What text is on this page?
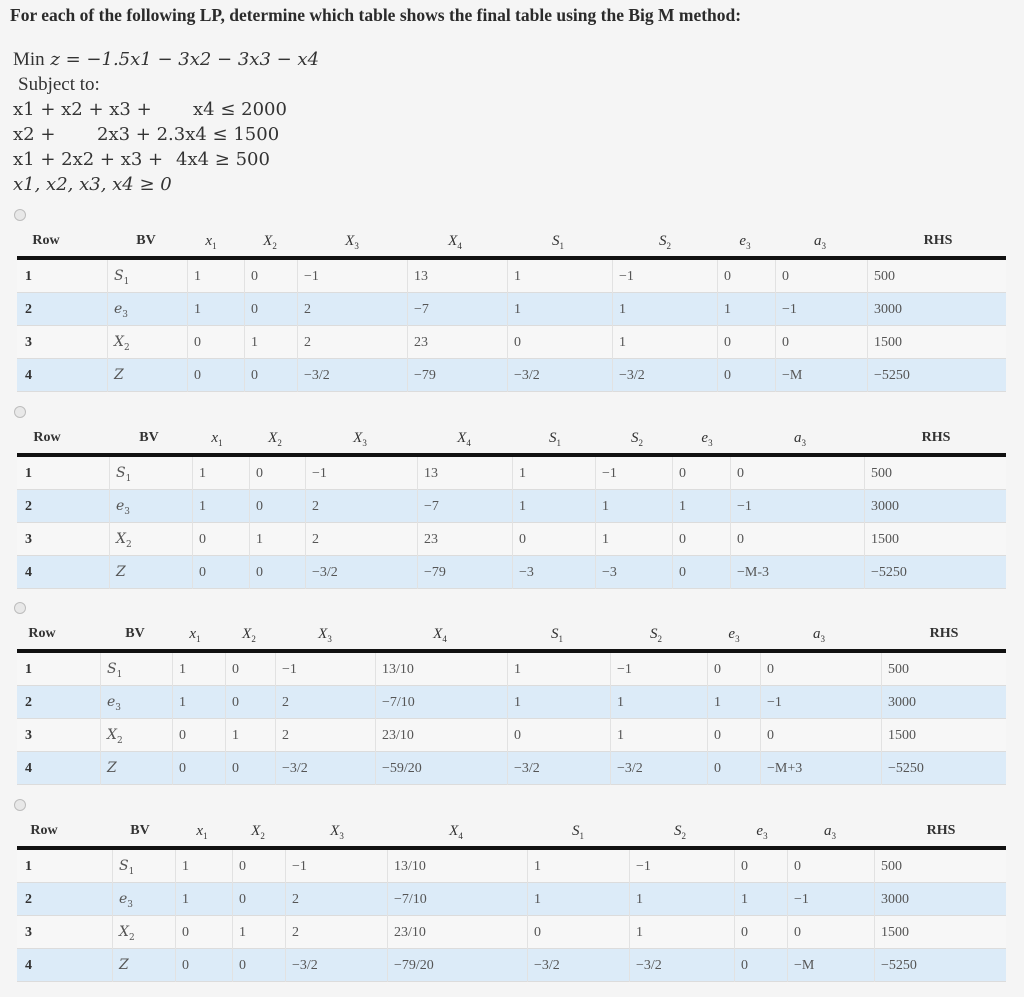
For each of the following LP, determine which table shows the final table using the Big M method:
Min z = −1.5x1 − 3x2 − 3x3 − x4
Subject to:
x1 + x2 + x3 + x4 ≤ 2000
x2 + 2x3 + 2.3x4 ≤ 1500
x1 + 2x2 + x3 + 4x4 ≥ 500
x1, x2, x3, x4 ≥ 0
Row	BV	$x_1$	$X_2$	$X_3$	$X_4$	$S_1$	$S_2$	$e_3$	$a_3$	RHS
1	$S_1$	1	0	−1	13	1	−1	0	0	500
2	$e_3$	1	0	2	−7	1	1	1	−1	3000
3	$X_2$	0	1	2	23	0	1	0	0	1500
4	Z	0	0	−3/2	−79	−3/2	−3/2	0	−M	−5250
Row	BV	$x_1$	$X_2$	$X_3$	$X_4$	$S_1$	$S_2$	$e_3$	$a_3$	RHS
1	$S_1$	1	0	−1	13	1	−1	0	0	500
2	$e_3$	1	0	2	−7	1	1	1	−1	3000
3	$X_2$	0	1	2	23	0	1	0	0	1500
4	Z	0	0	−3/2	−79	−3	−3	0	−M-3	−5250
Row	BV	$x_1$	$X_2$	$X_3$	$X_4$	$S_1$	$S_2$	$e_3$	$a_3$	RHS
1	$S_1$	1	0	−1	13/10	1	−1	0	0	500
2	$e_3$	1	0	2	−7/10	1	1	1	−1	3000
3	$X_2$	0	1	2	23/10	0	1	0	0	1500
4	Z	0	0	−3/2	−59/20	−3/2	−3/2	0	−M+3	−5250
Row	BV	$x_1$	$X_2$	$X_3$	$X_4$	$S_1$	$S_2$	$e_3$	$a_3$	RHS
1	$S_1$	1	0	−1	13/10	1	−1	0	0	500
2	$e_3$	1	0	2	−7/10	1	1	1	−1	3000
3	$X_2$	0	1	2	23/10	0	1	0	0	1500
4	Z	0	0	−3/2	−79/20	−3/2	−3/2	0	−M	−5250
